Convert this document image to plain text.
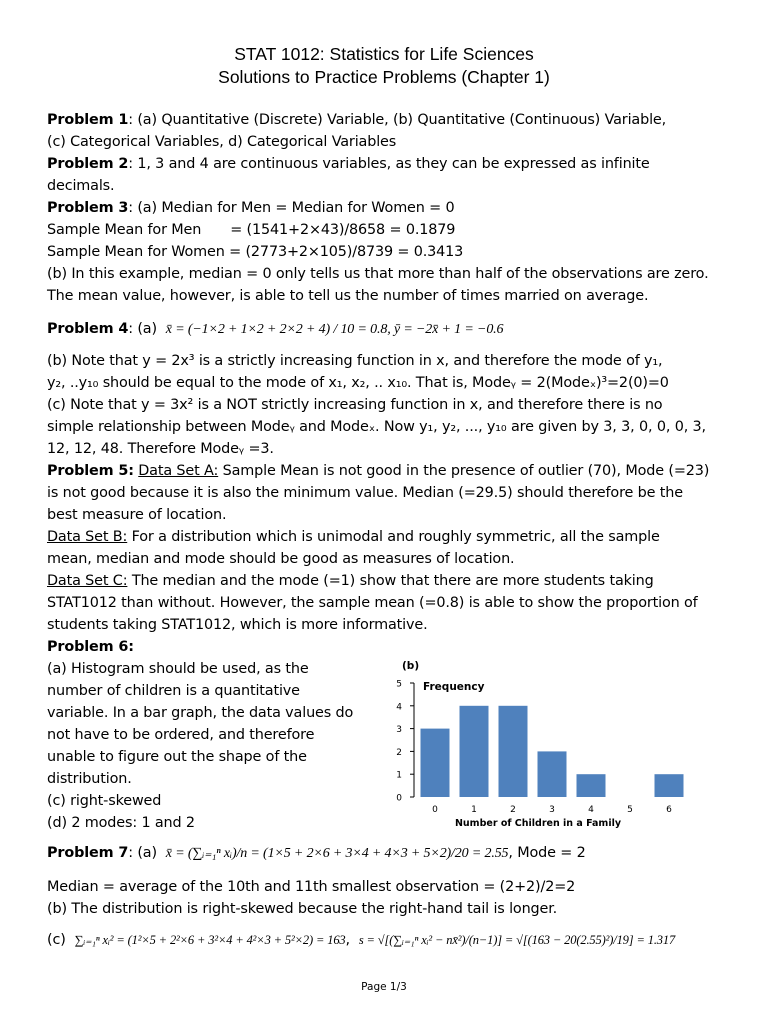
STAT 1012: Statistics for Life Sciences
Solutions to Practice Problems (Chapter 1)
Problem 1: (a) Quantitative (Discrete) Variable, (b) Quantitative (Continuous) Variable,
(c) Categorical Variables, d) Categorical Variables
Problem 2: 1, 3 and 4 are continuous variables, as they can be expressed as infinite
decimals.
Problem 3: (a) Median for Men = Median for Women = 0
Sample Mean for Men = (1541+2×43)/8658 = 0.1879
Sample Mean for Women = (2773+2×105)/8739 = 0.3413
(b) In this example, median = 0 only tells us that more than half of the observations are zero.
The mean value, however, is able to tell us the number of times married on average.
Problem 4: (a) x̄ = (−1×2 + 1×2 + 2×2 + 4) / 10 = 0.8, ȳ = −2x̄ + 1 = −0.6
(b) Note that y = 2x³ is a strictly increasing function in x, and therefore the mode of y₁,
y₂, ..y₁₀ should be equal to the mode of x₁, x₂, .. x₁₀. That is, Modeᵧ = 2(Modeₓ)³=2(0)=0
(c) Note that y = 3x² is a NOT strictly increasing function in x, and therefore there is no
simple relationship between Modeᵧ and Modeₓ. Now y₁, y₂, ..., y₁₀ are given by 3, 3, 0, 0, 0, 3,
12, 12, 48. Therefore Modeᵧ =3.
Problem 5: Data Set A: Sample Mean is not good in the presence of outlier (70), Mode (=23)
is not good because it is also the minimum value. Median (=29.5) should therefore be the
best measure of location.
Data Set B: For a distribution which is unimodal and roughly symmetric, all the sample
mean, median and mode should be good as measures of location.
Data Set C: The median and the mode (=1) show that there are more students taking
STAT1012 than without. However, the sample mean (=0.8) is able to show the proportion of
students taking STAT1012, which is more informative.
Problem 6:
(a) Histogram should be used, as the
number of children is a quantitative
variable. In a bar graph, the data values do
not have to be ordered, and therefore
unable to figure out the shape of the
distribution.
(c) right-skewed
(d) 2 modes: 1 and 2
(b)
Frequency
0
1
2
3
4
5
0	1	2	3	4	5	6
Number of Children in a Family
Problem 7: (a) x̄ = (∑ᵢ₌₁ⁿ xᵢ)/n = (1×5 + 2×6 + 3×4 + 4×3 + 5×2)/20 = 2.55, Mode = 2
Median = average of the 10th and 11th smallest observation = (2+2)/2=2
(b) The distribution is right-skewed because the right-hand tail is longer.
(c) ∑ᵢ₌₁ⁿ xᵢ² = (1²×5 + 2²×6 + 3²×4 + 4²×3 + 5²×2) = 163, s = √[(∑ᵢ₌₁ⁿ xᵢ² − nx̄²)/(n−1)] = √[(163 − 20(2.55)²)/19] = 1.317
Page 1/3
